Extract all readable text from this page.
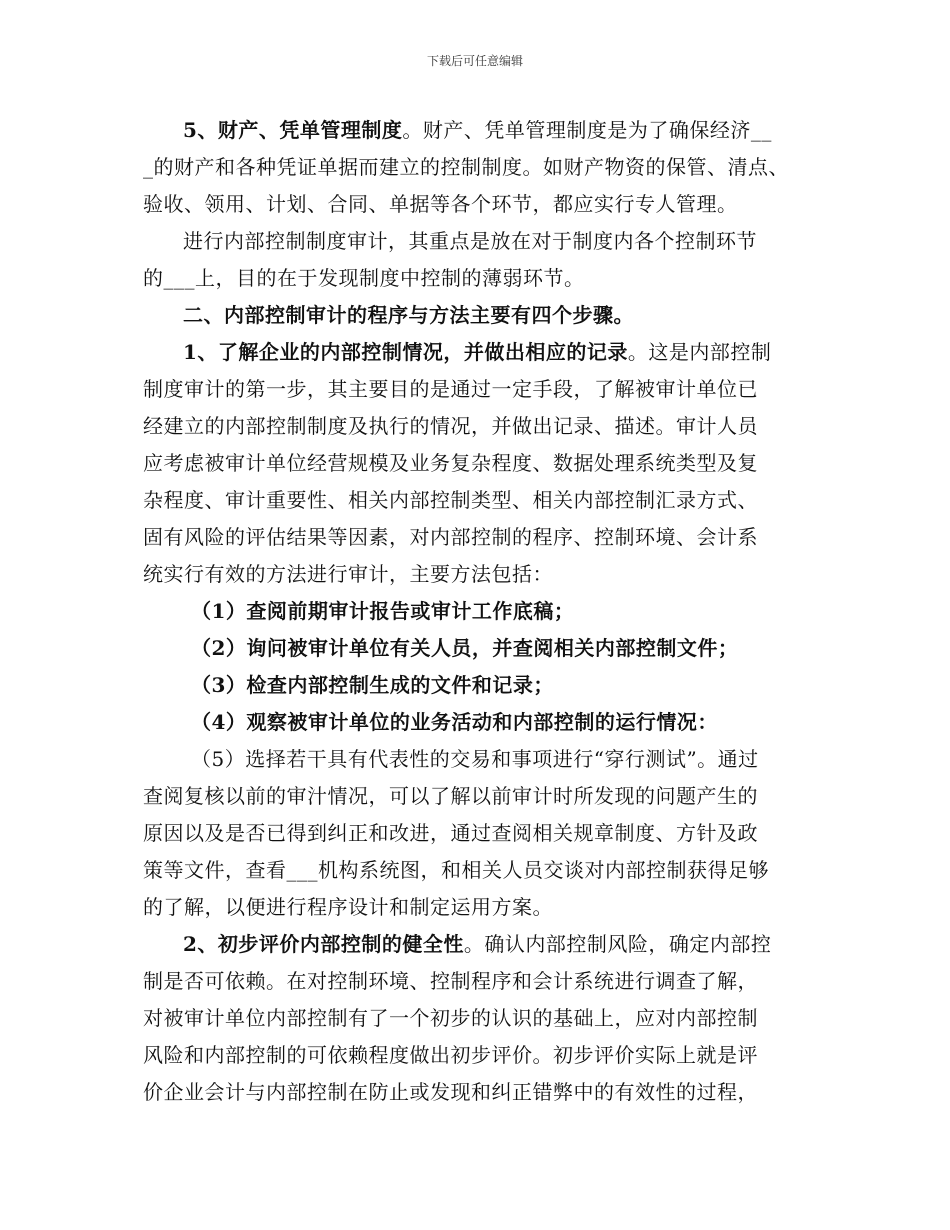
下载后可任意编辑

5、财产、凭单管理制度。财产、凭单管理制度是为了确保经济__

_的财产和各种凭证单据而建立的控制制度。如财产物资的保管、清点、
验收、领用、计划、合同、单据等各个环节，都应实行专人管理。

进行内部控制制度审计，其重点是放在对于制度内各个控制环节

的___上，目的在于发现制度中控制的薄弱环节。

二、内部控制审计的程序与方法主要有四个步骤。

1、了解企业的内部控制情况，并做出相应的记录。这是内部控制

制度审计的第一步，其主要目的是通过一定手段，了解被审计单位已
经建立的内部控制制度及执行的情况，并做出记录、描述。审计人员
应考虑被审计单位经营规模及业务复杂程度、数据处理系统类型及复
杂程度、审计重要性、相关内部控制类型、相关内部控制汇录方式、
固有风险的评估结果等因素，对内部控制的程序、控制环境、会计系
统实行有效的方法进行审计，主要方法包括：

（1）查阅前期审计报告或审计工作底稿；

（2）询问被审计单位有关人员，并查阅相关内部控制文件；

（3）检查内部控制生成的文件和记录；

（4）观察被审计单位的业务活动和内部控制的运行情况：

（5）选择若干具有代表性的交易和事项进行“穿行测试”。通过

查阅复核以前的审汁情况，可以了解以前审计时所发现的问题产生的
原因以及是否已得到纠正和改进，通过查阅相关规章制度、方针及政
策等文件，查看___机构系统图，和相关人员交谈对内部控制获得足够
的了解，以便进行程序设计和制定运用方案。

2、初步评价内部控制的健全性。确认内部控制风险，确定内部控

制是否可依赖。在对控制环境、控制程序和会计系统进行调查了解，
对被审计单位内部控制有了一个初步的认识的基础上，应对内部控制
风险和内部控制的可依赖程度做出初步评价。初步评价实际上就是评
价企业会计与内部控制在防止或发现和纠正错弊中的有效性的过程，
